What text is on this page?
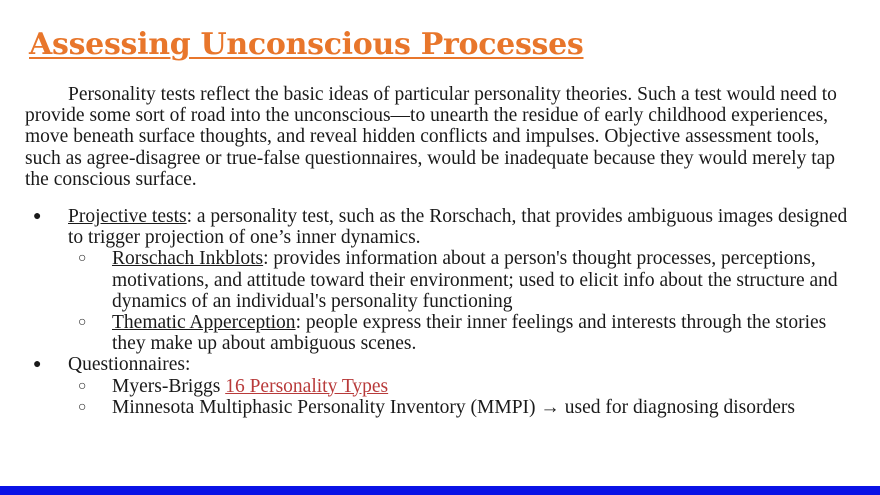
Assessing Unconscious Processes

Personality tests reflect the basic ideas of particular personality theories. Such a test would need to provide some sort of road into the unconscious—to unearth the residue of early childhood experiences, move beneath surface thoughts, and reveal hidden conflicts and impulses. Objective assessment tools, such as agree-disagree or true-false questionnaires, would be inadequate because they would merely tap the conscious surface.

● Projective tests: a personality test, such as the Rorschach, that provides ambiguous images designed to trigger projection of one’s inner dynamics.
○ Rorschach Inkblots: provides information about a person's thought processes, perceptions, motivations, and attitude toward their environment; used to elicit info about the structure and dynamics of an individual's personality functioning
○ Thematic Apperception: people express their inner feelings and interests through the stories they make up about ambiguous scenes.
● Questionnaires:
○ Myers-Briggs 16 Personality Types
○ Minnesota Multiphasic Personality Inventory (MMPI) → used for diagnosing disorders
